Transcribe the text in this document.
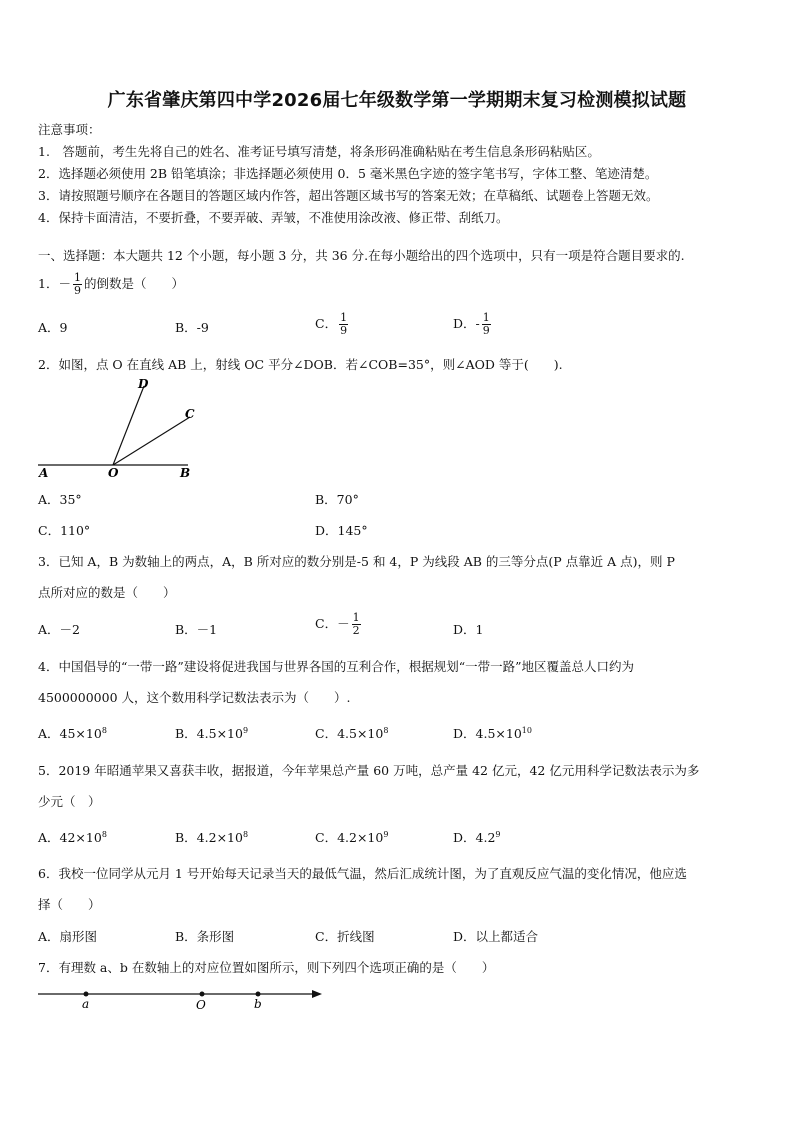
广东省肇庆第四中学2026届七年级数学第一学期期末复习检测模拟试题
注意事项：
1.　答题前，考生先将自己的姓名、准考证号填写清楚，将条形码准确粘贴在考生信息条形码粘贴区。
2．选择题必须使用 2B 铅笔填涂；非选择题必须使用 0．5 毫米黑色字迹的签字笔书写，字体工整、笔迹清楚。
3．请按照题号顺序在各题目的答题区域内作答，超出答题区域书写的答案无效；在草稿纸、试题卷上答题无效。
4．保持卡面清洁，不要折叠，不要弄破、弄皱，不准使用涂改液、修正带、刮纸刀。
一、选择题：本大题共 12 个小题，每小题 3 分，共 36 分.在每小题给出的四个选项中，只有一项是符合题目要求的.
1．－ $\frac{1}{9}$ 的倒数是（　　）
A．9	B．-9	C． $\frac{1}{9}$	D．- $\frac{1}{9}$
2．如图，点 O 在直线 AB 上，射线 OC 平分∠DOB．若∠COB=35°，则∠AOD 等于(　　).
D
C
A	O	B
A．35°	B．70°
C．110°	D．145°
3．已知 A，B 为数轴上的两点，A，B 所对应的数分别是-5 和 4，P 为线段 AB 的三等分点(P 点靠近 A 点)，则 P
点所对应的数是（　　）
A．－2	B．－1	C．－ $\frac{1}{2}$	D．1
4．中国倡导的“一带一路”建设将促进我国与世界各国的互利合作，根据规划“一带一路”地区覆盖总人口约为
4500000000 人，这个数用科学记数法表示为（　　）.
A．$45\times 10^8$	B．$4.5\times 10^9$	C．$4.5\times 10^8$	D．$4.5\times 10^{10}$
5．2019 年昭通苹果又喜获丰收，据报道，今年苹果总产量 60 万吨，总产量 42 亿元，42 亿元用科学记数法表示为多
少元（　）
A．$42\times 10^8$	B．$4.2\times 10^8$	C．$4.2\times 10^9$	D．$4.2^9$
6．我校一位同学从元月 1 号开始每天记录当天的最低气温，然后汇成统计图，为了直观反应气温的变化情况，他应选
择（　　）
A．扇形图	B．条形图	C．折线图	D．以上都适合
7．有理数 a、b 在数轴上的对应位置如图所示，则下列四个选项正确的是（　　）
a	O	b
